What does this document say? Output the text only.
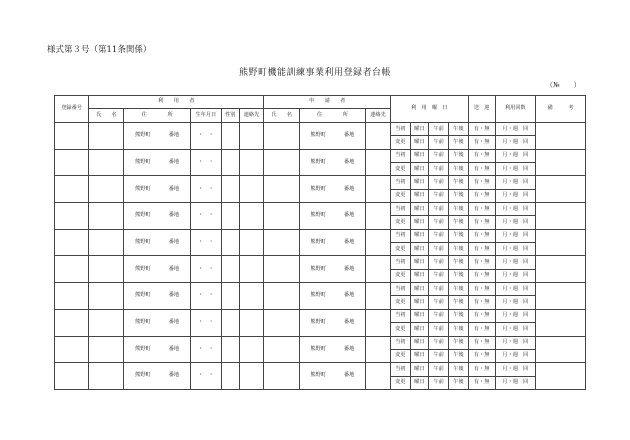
様式第３号（第11条関係）
熊野町機能訓練事業利用登録者台帳
（№　　）
登録番号	利　　用　　者					申　　請　　者			利　用　曜　日				送　迎	利用回数	備　　　考
	氏　　名	住　　　　所	生年月日	性別	連絡先	氏　　名	住　　　　所	連絡先							
		熊野町 番地	・　・				熊野町 番地		当初	曜日	午前	午後	有・無	月・週　回	
									変更	曜日	午前	午後	有・無	月・週　回	
		熊野町 番地	・　・				熊野町 番地		当初	曜日	午前	午後	有・無	月・週　回	
									変更	曜日	午前	午後	有・無	月・週　回	
		熊野町 番地	・　・				熊野町 番地		当初	曜日	午前	午後	有・無	月・週　回	
									変更	曜日	午前	午後	有・無	月・週　回	
		熊野町 番地	・　・				熊野町 番地		当初	曜日	午前	午後	有・無	月・週　回	
									変更	曜日	午前	午後	有・無	月・週　回	
		熊野町 番地	・　・				熊野町 番地		当初	曜日	午前	午後	有・無	月・週　回	
									変更	曜日	午前	午後	有・無	月・週　回	
		熊野町 番地	・　・				熊野町 番地		当初	曜日	午前	午後	有・無	月・週　回	
									変更	曜日	午前	午後	有・無	月・週　回	
		熊野町 番地	・　・				熊野町 番地		当初	曜日	午前	午後	有・無	月・週　回	
									変更	曜日	午前	午後	有・無	月・週　回	
		熊野町 番地	・　・				熊野町 番地		当初	曜日	午前	午後	有・無	月・週　回	
									変更	曜日	午前	午後	有・無	月・週　回	
		熊野町 番地	・　・				熊野町 番地		当初	曜日	午前	午後	有・無	月・週　回	
									変更	曜日	午前	午後	有・無	月・週　回	
		熊野町 番地	・　・				熊野町 番地		当初	曜日	午前	午後	有・無	月・週　回	
									変更	曜日	午前	午後	有・無	月・週　回	
